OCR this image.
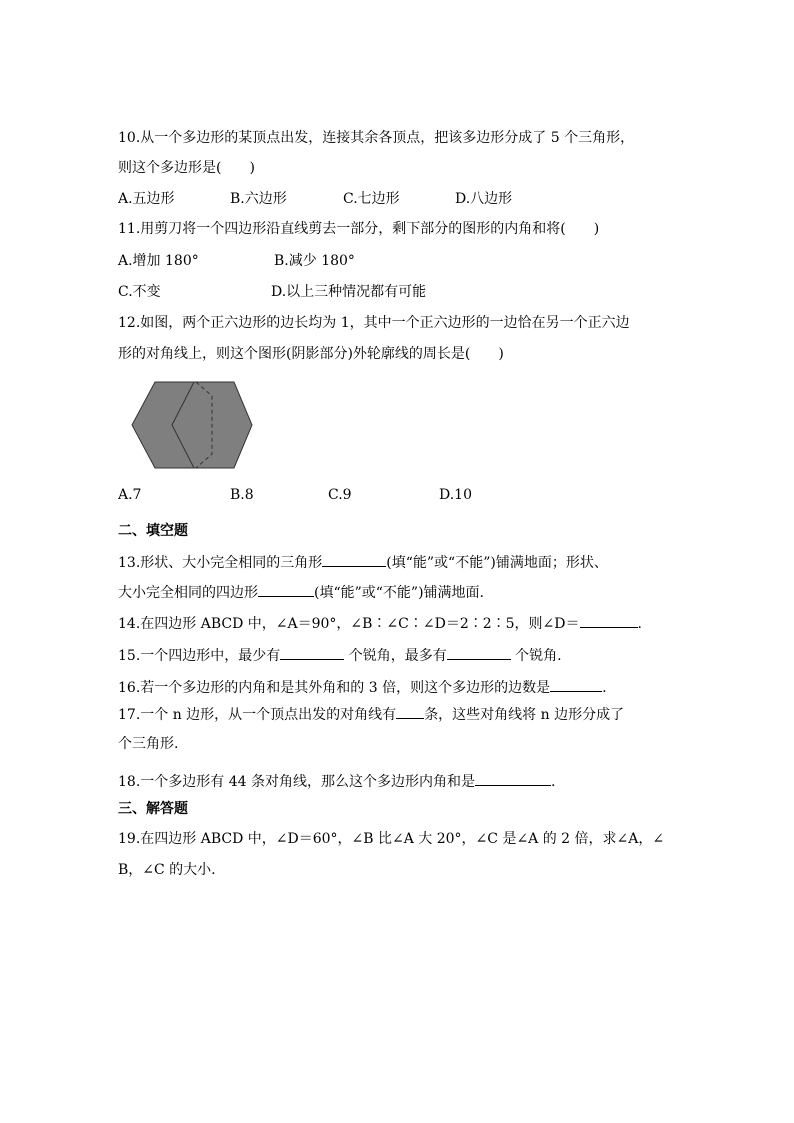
10.从一个多边形的某顶点出发，连接其余各顶点，把该多边形分成了 5 个三角形，
则这个多边形是(　　)
A.五边形	B.六边形	C.七边形	D.八边形
11.用剪刀将一个四边形沿直线剪去一部分，剩下部分的图形的内角和将(　　)
A.增加 180°	B.减少 180°
C.不变	D.以上三种情况都有可能
12.如图，两个正六边形的边长均为 1，其中一个正六边形的一边恰在另一个正六边
形的对角线上，则这个图形(阴影部分)外轮廓线的周长是(　　)
A.7	B.8	C.9	D.10
二、填空题
13.形状、大小完全相同的三角形	(填“能”或“不能”)铺满地面；形状、
大小完全相同的四边形	(填“能”或“不能”)铺满地面.
14.在四边形 ABCD 中，∠A＝90°，∠B∶∠C∶∠D＝2∶2∶5，则∠D＝	.
15.一个四边形中，最少有	个锐角，最多有	个锐角.
16.若一个多边形的内角和是其外角和的 3 倍，则这个多边形的边数是	.
17.一个 n 边形，从一个顶点出发的对角线有 条，这些对角线将 n 边形分成了
个三角形.
18.一个多边形有 44 条对角线，那么这个多边形内角和是	.
三、解答题
19.在四边形 ABCD 中，∠D＝60°，∠B 比∠A 大 20°，∠C 是∠A 的 2 倍，求∠A，∠
B，∠C 的大小.
